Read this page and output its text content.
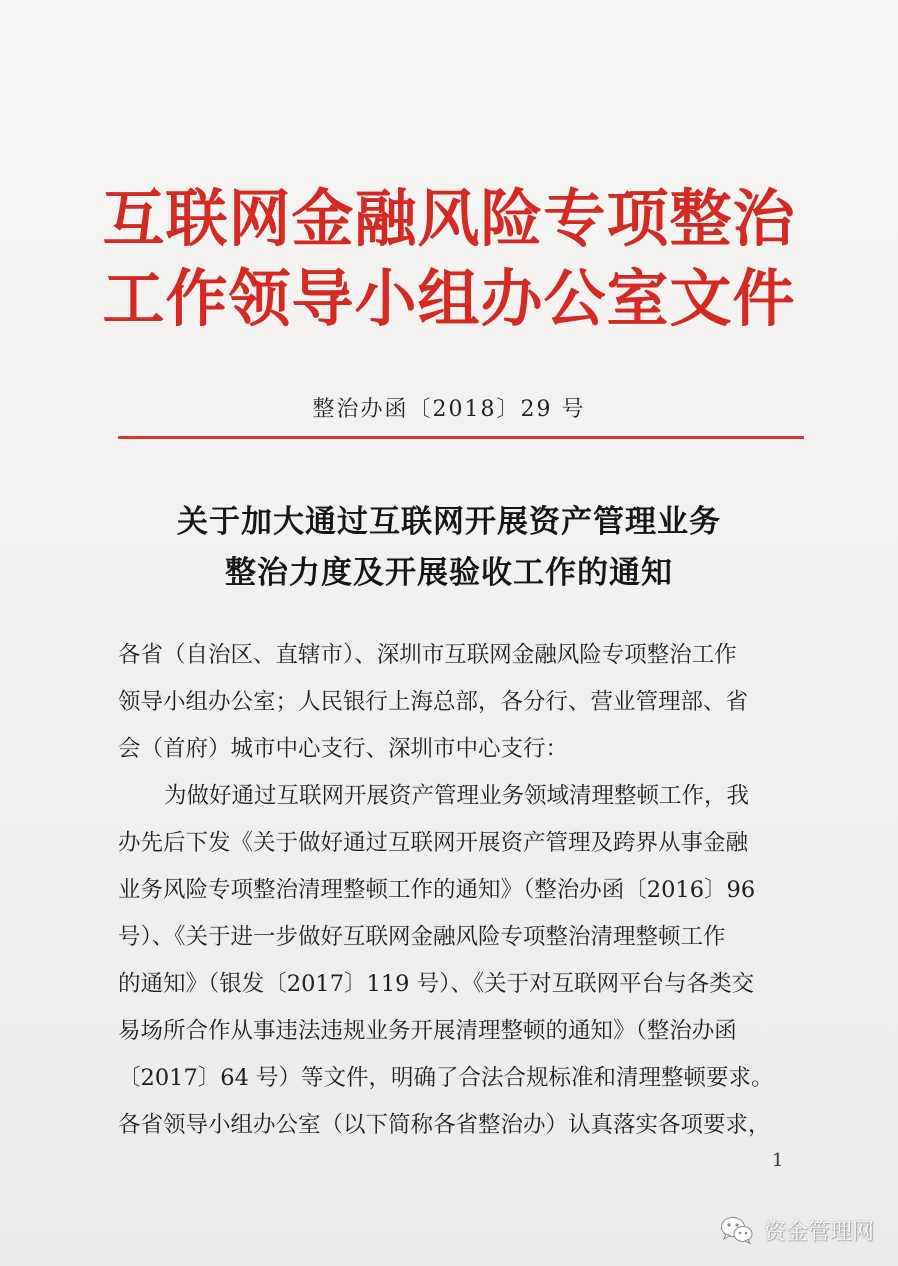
互联网金融风险专项整治
工作领导小组办公室文件
整治办函〔2018〕29 号
关于加大通过互联网开展资产管理业务
整治力度及开展验收工作的通知
各省（自治区、直辖市）、深圳市互联网金融风险专项整治工作
领导小组办公室；人民银行上海总部，各分行、营业管理部、省
会（首府）城市中心支行、深圳市中心支行：
为做好通过互联网开展资产管理业务领域清理整顿工作，我
办先后下发《关于做好通过互联网开展资产管理及跨界从事金融
业务风险专项整治清理整顿工作的通知》（整治办函〔2016〕96
号）、《关于进一步做好互联网金融风险专项整治清理整顿工作
的通知》（银发〔2017〕119 号）、《关于对互联网平台与各类交
易场所合作从事违法违规业务开展清理整顿的通知》（整治办函
〔2017〕64 号）等文件，明确了合法合规标准和清理整顿要求。
各省领导小组办公室（以下简称各省整治办）认真落实各项要求，
1
资金管理网
